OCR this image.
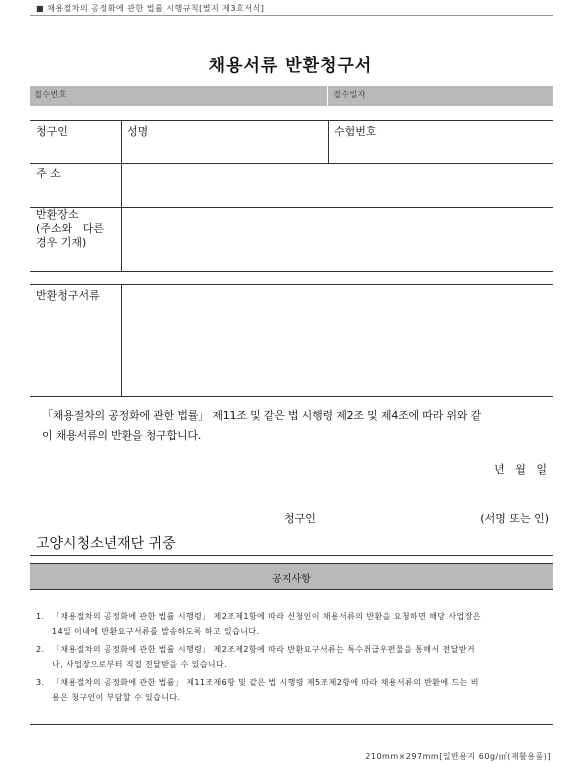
■ 채용절차의 공정화에 관한 법률 시행규칙[별지 제3호서식]
채용서류 반환청구서
접수번호	접수일자
청구인	성명	수험번호
주 소
반환장소
(주소와   다른
경우 기재)
반환청구서류
「채용절차의 공정화에 관한 법률」 제11조 및 같은 법 시행령 제2조 및 제4조에 따라 위와 같
이 채용서류의 반환을 청구합니다.
년   월   일
청구인	(서명 또는 인)
고양시청소년재단 귀중
공지사항
1. 「채용절차의 공정화에 관한 법률 시행령」 제2조제1항에 따라 신청인이 채용서류의 반환을 요청하면 해당 사업장은
14일 이내에 반환요구서류를 발송하도록 하고 있습니다.
2. 「채용절차의 공정화에 관한 법률 시행령」 제2조제2항에 따라 반환요구서류는 특수취급우편물을 통해서 전달받거
나, 사업장으로부터 직접 전달받을 수 있습니다.
3. 「채용절차의 공정화에 관한 법률」 제11조제6항 및 같은 법 시행령 제5조제2항에 따라 채용서류의 반환에 드는 비
용은 청구인이 부담할 수 있습니다.
210mm×297mm[일반용지 60g/㎡(재활용품)]
